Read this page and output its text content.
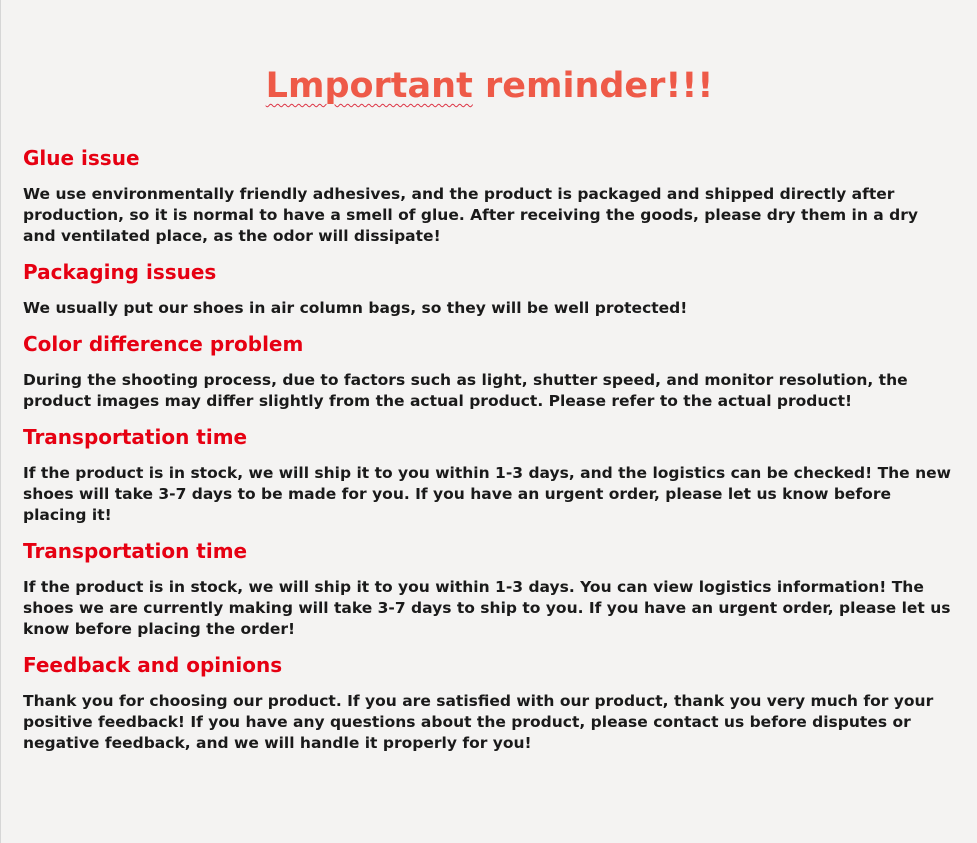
Lmportant reminder!!!
Glue issue

We use environmentally friendly adhesives, and the product is packaged and shipped directly after production, so it is normal to have a smell of glue. After receiving the goods, please dry them in a dry and ventilated place, as the odor will dissipate!

Packaging issues

We usually put our shoes in air column bags, so they will be well protected!

Color difference problem

During the shooting process, due to factors such as light, shutter speed, and monitor resolution, the product images may differ slightly from the actual product. Please refer to the actual product!

Transportation time

If the product is in stock, we will ship it to you within 1-3 days, and the logistics can be checked! The new shoes will take 3-7 days to be made for you. If you have an urgent order, please let us know before placing it!

Transportation time

If the product is in stock, we will ship it to you within 1-3 days. You can view logistics information! The shoes we are currently making will take 3-7 days to ship to you. If you have an urgent order, please let us know before placing the order!

Feedback and opinions

Thank you for choosing our product. If you are satisfied with our product, thank you very much for your positive feedback! If you have any questions about the product, please contact us before disputes or negative feedback, and we will handle it properly for you!
